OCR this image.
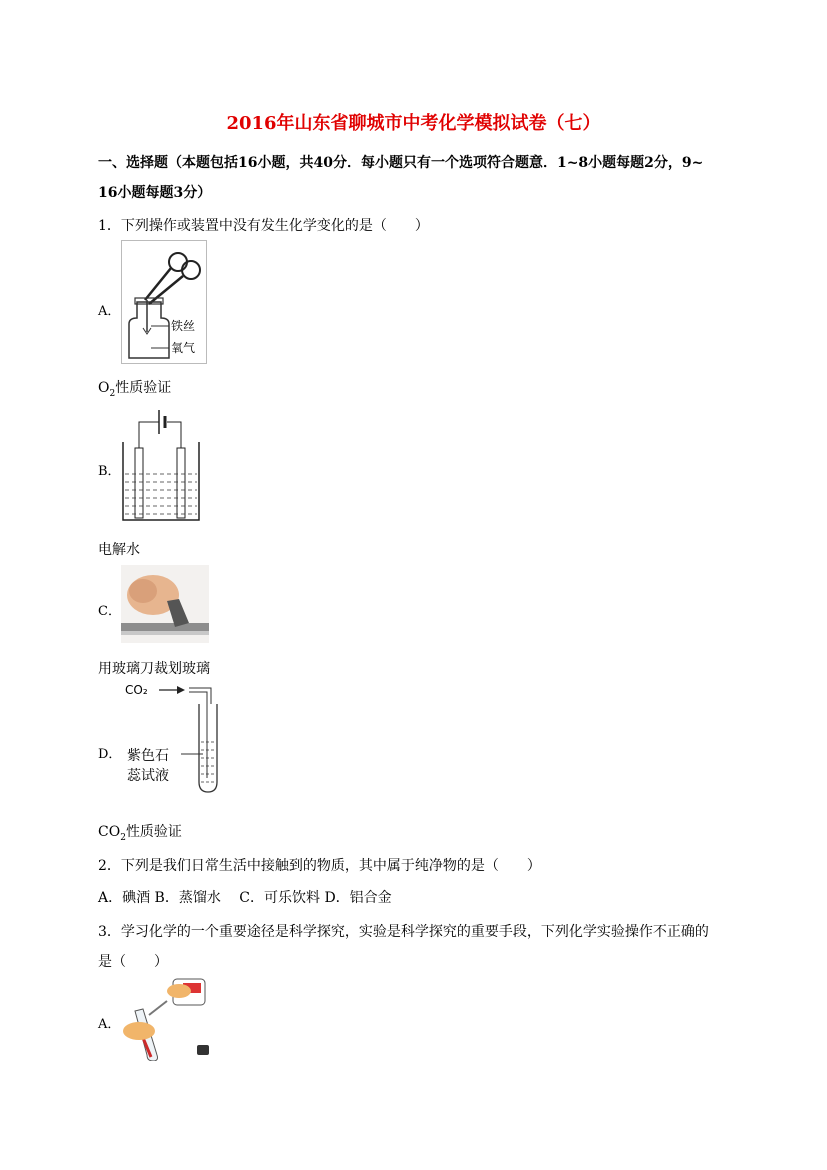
2016年山东省聊城市中考化学模拟试卷（七）
一、选择题（本题包括16小题，共40分．每小题只有一个选项符合题意．1~8小题每题2分，9~
16小题每题3分）
1．下列操作或装置中没有发生化学变化的是（　　）
A．
铁丝
氧气
$O_2$性质验证
B．
电解水
C．
用玻璃刀裁划玻璃
D．
CO₂
紫色石
蕊试液
$CO_2$性质验证
2．下列是我们日常生活中接触到的物质，其中属于纯净物的是（　　）
A．碘酒 B．蒸馏水　 C．可乐饮料 D．铝合金
3．学习化学的一个重要途径是科学探究，实验是科学探究的重要手段，下列化学实验操作不正确的
是（　　）
A．
